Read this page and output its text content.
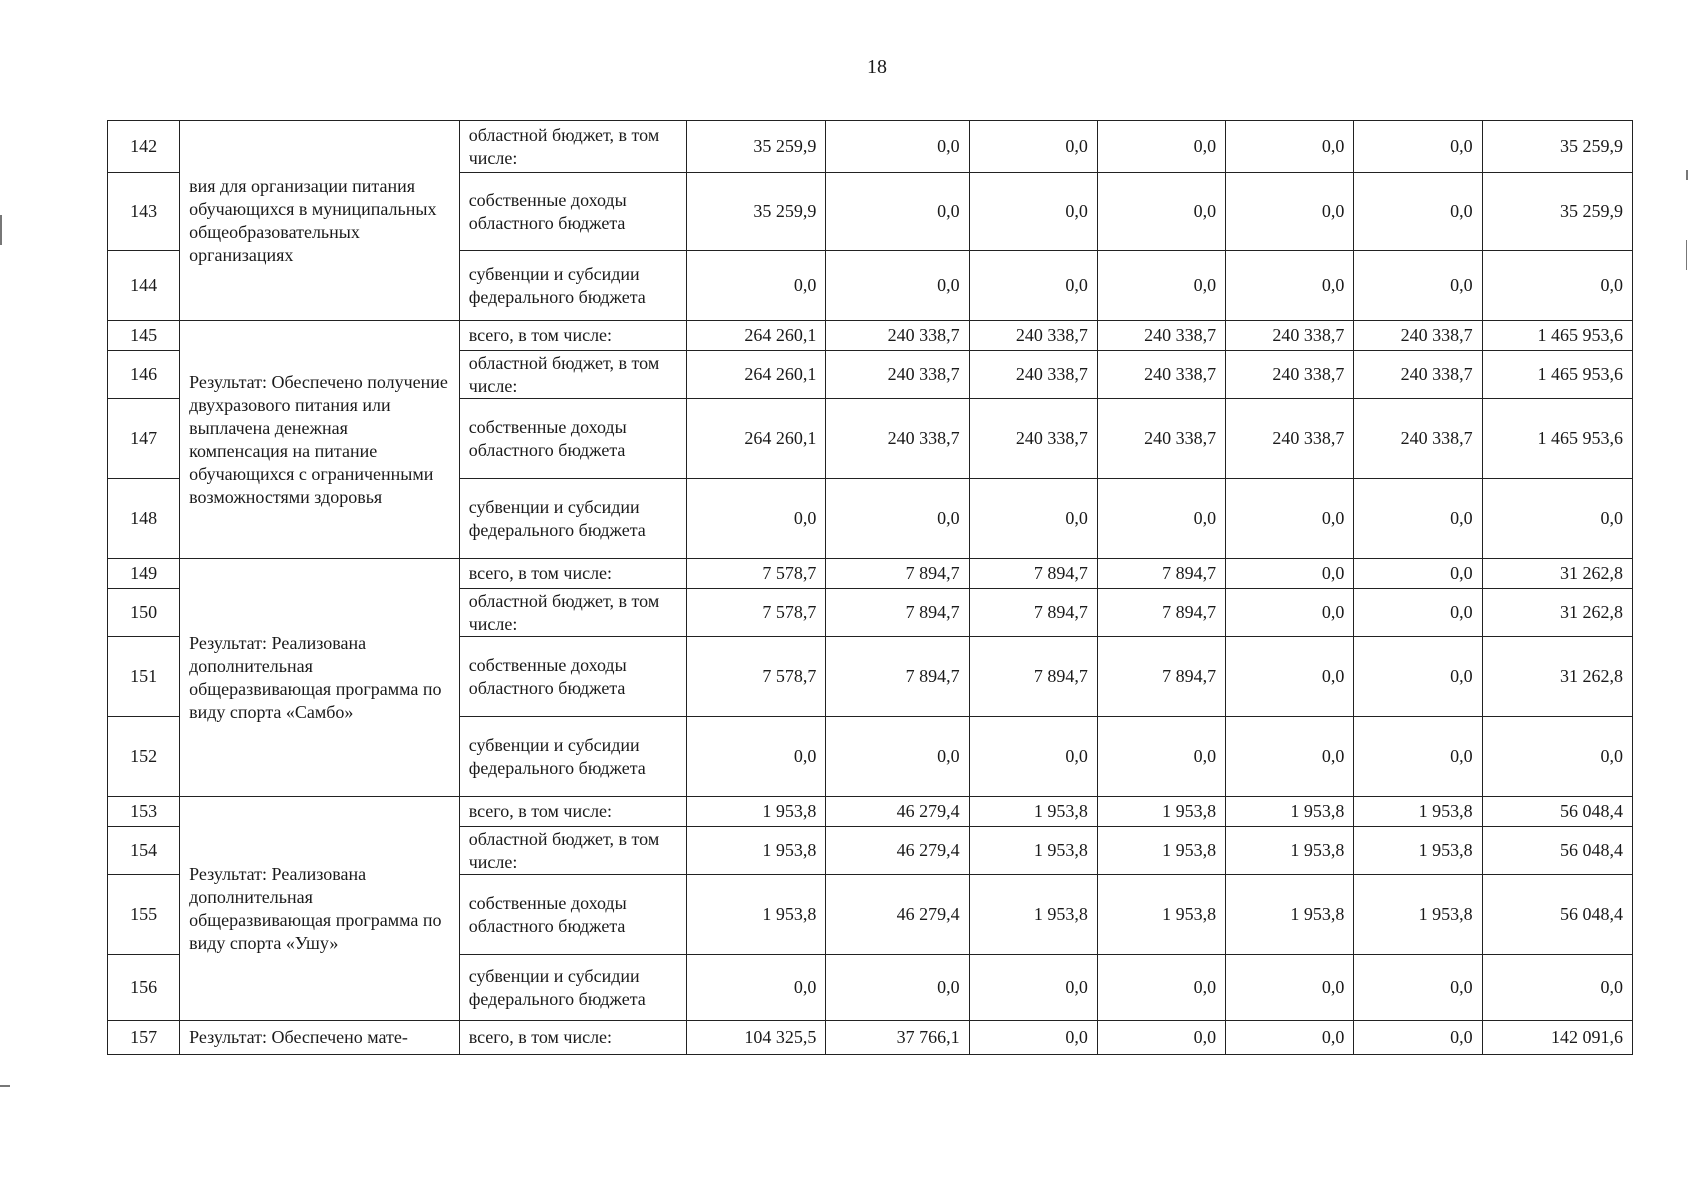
18
142	вия для организации питания обучающихся в муниципальных общеобразовательных организациях	областной бюджет, в том числе:	35 259,9	0,0	0,0	0,0	0,0	0,0	35 259,9
143		собственные доходы областного бюджета	35 259,9	0,0	0,0	0,0	0,0	0,0	35 259,9
144		субвенции и субсидии федерального бюджета	0,0	0,0	0,0	0,0	0,0	0,0	0,0
145	Результат: Обеспечено получение двухразового питания или выплачена денежная компенсация на питание обучающихся с ограниченными возможностями здоровья	всего, в том числе:	264 260,1	240 338,7	240 338,7	240 338,7	240 338,7	240 338,7	1 465 953,6
146		областной бюджет, в том числе:	264 260,1	240 338,7	240 338,7	240 338,7	240 338,7	240 338,7	1 465 953,6
147		собственные доходы областного бюджета	264 260,1	240 338,7	240 338,7	240 338,7	240 338,7	240 338,7	1 465 953,6
148		субвенции и субсидии федерального бюджета	0,0	0,0	0,0	0,0	0,0	0,0	0,0
149	Результат: Реализована дополнительная общеразвивающая программа по виду спорта «Самбо»	всего, в том числе:	7 578,7	7 894,7	7 894,7	7 894,7	0,0	0,0	31 262,8
150		областной бюджет, в том числе:	7 578,7	7 894,7	7 894,7	7 894,7	0,0	0,0	31 262,8
151		собственные доходы областного бюджета	7 578,7	7 894,7	7 894,7	7 894,7	0,0	0,0	31 262,8
152		субвенции и субсидии федерального бюджета	0,0	0,0	0,0	0,0	0,0	0,0	0,0
153	Результат: Реализована дополнительная общеразвивающая программа по виду спорта «Ушу»	всего, в том числе:	1 953,8	46 279,4	1 953,8	1 953,8	1 953,8	1 953,8	56 048,4
154		областной бюджет, в том числе:	1 953,8	46 279,4	1 953,8	1 953,8	1 953,8	1 953,8	56 048,4
155		собственные доходы областного бюджета	1 953,8	46 279,4	1 953,8	1 953,8	1 953,8	1 953,8	56 048,4
156		субвенции и субсидии федерального бюджета	0,0	0,0	0,0	0,0	0,0	0,0	0,0
157	Результат: Обеспечено мате-	всего, в том числе:	104 325,5	37 766,1	0,0	0,0	0,0	0,0	142 091,6
